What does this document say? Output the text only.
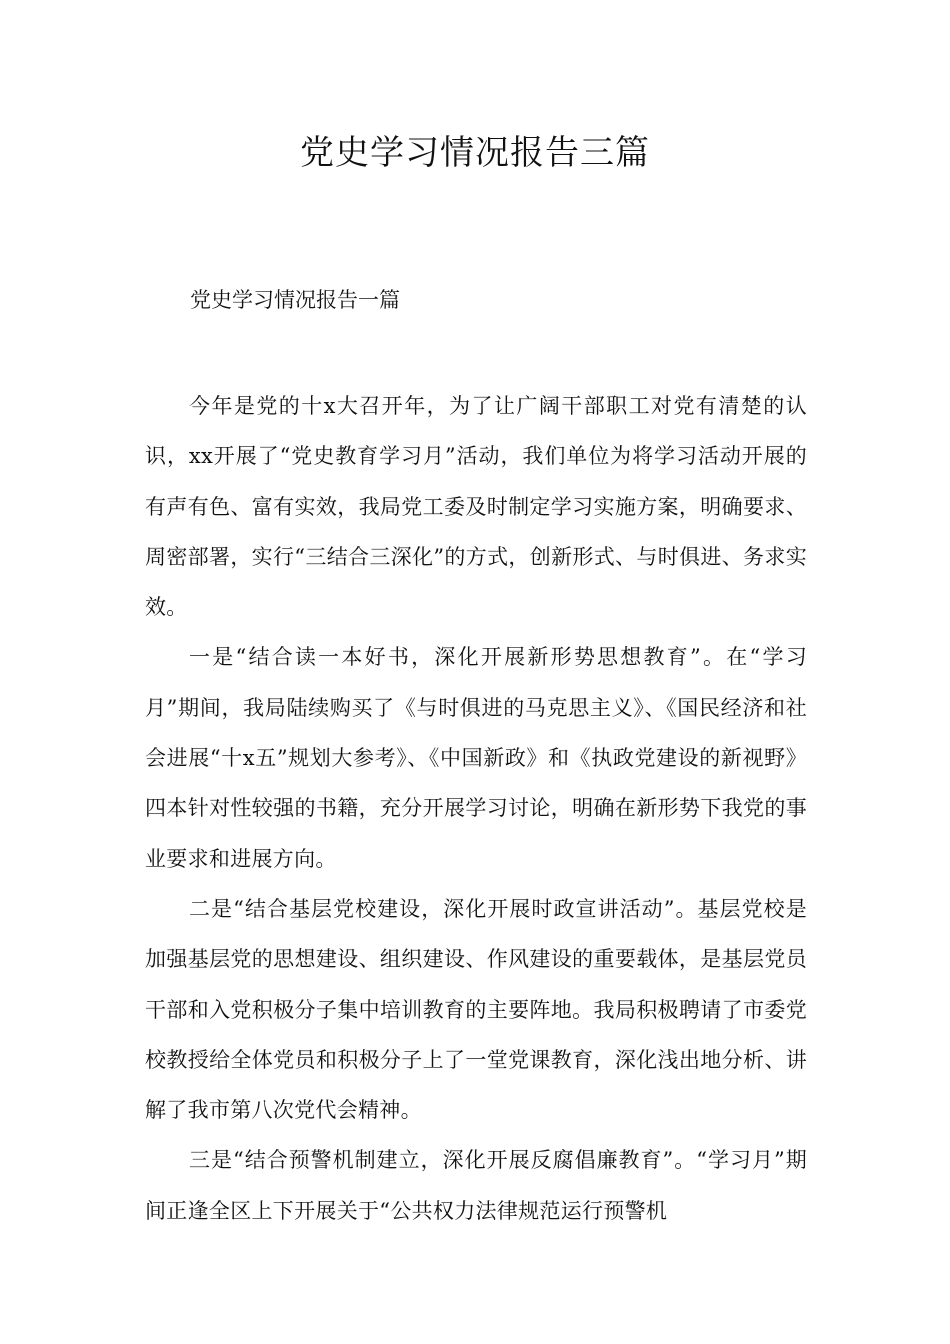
党史学习情况报告三篇

党史学习情况报告一篇

今年是党的十x大召开年，为了让广阔干部职工对党有清楚的认识，xx开展了“党史教育学习月”活动，我们单位为将学习活动开展的有声有色、富有实效，我局党工委及时制定学习实施方案，明确要求、周密部署，实行“三结合三深化”的方式，创新形式、与时俱进、务求实效。

一是“结合读一本好书，深化开展新形势思想教育”。在“学习月”期间，我局陆续购买了《与时俱进的马克思主义》、《国民经济和社会进展“十x五”规划大参考》、《中国新政》和《执政党建设的新视野》四本针对性较强的书籍，充分开展学习讨论，明确在新形势下我党的事业要求和进展方向。

二是“结合基层党校建设，深化开展时政宣讲活动”。基层党校是加强基层党的思想建设、组织建设、作风建设的重要载体，是基层党员干部和入党积极分子集中培训教育的主要阵地。我局积极聘请了市委党校教授给全体党员和积极分子上了一堂党课教育，深化浅出地分析、讲解了我市第八次党代会精神。

三是“结合预警机制建立，深化开展反腐倡廉教育”。“学习月”期间正逢全区上下开展关于“公共权力法律规范运行预警机
